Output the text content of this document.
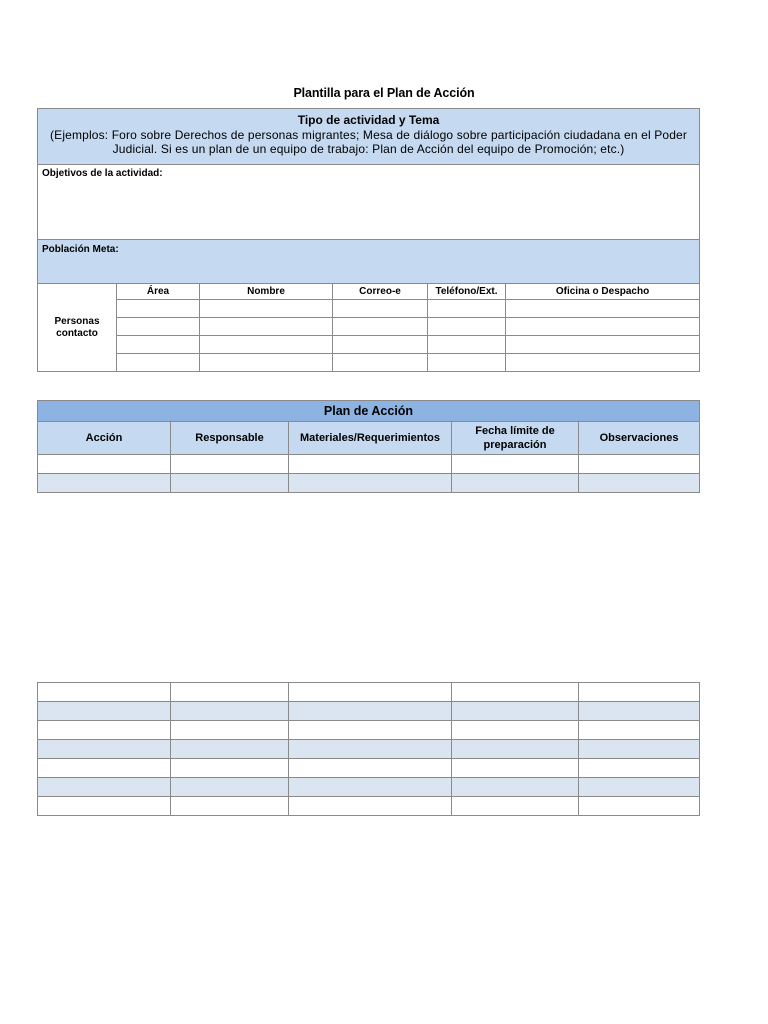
Plantilla para el Plan de Acción
Tipo de actividad y Tema
(Ejemplos: Foro sobre Derechos de personas migrantes; Mesa de diálogo sobre participación ciudadana en el Poder Judicial. Si es un plan de un equipo de trabajo: Plan de Acción del equipo de Promoción; etc.)					

Objetivos de la actividad:					
Población Meta:					
Personas contacto	Área	Nombre	Correo-e	Teléfono/Ext.	Oficina o Despacho

Plan de Acción				
Acción	Responsable	Materiales/Requerimientos	Fecha límite de preparación	Observaciones
